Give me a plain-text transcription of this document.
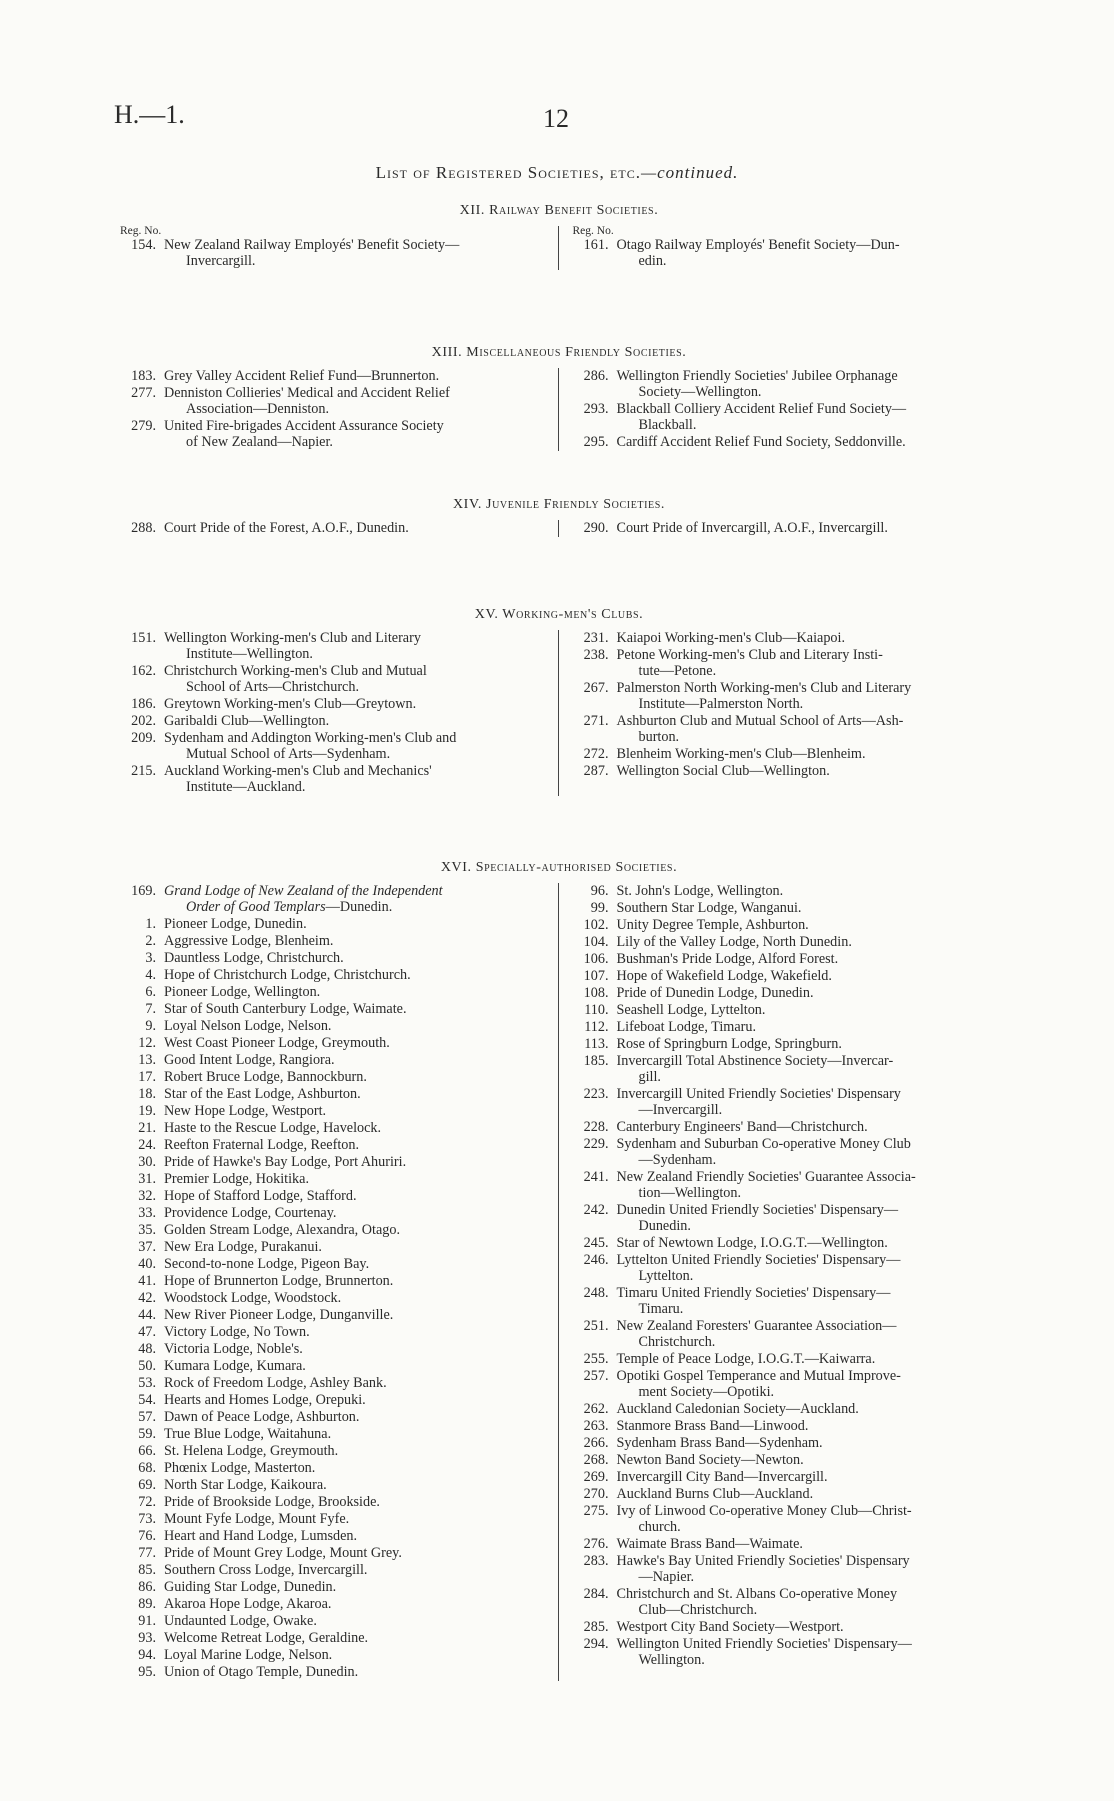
H.—1.	12
List of Registered Societies, etc.—continued.
XII. Railway Benefit Societies.
Reg. No.
154. New Zealand Railway Employés' Benefit Society—
Invercargill.
Reg. No.
161. Otago Railway Employés' Benefit Society—Dun-
edin.
XIII. Miscellaneous Friendly Societies.
183. Grey Valley Accident Relief Fund—Brunnerton.
277. Denniston Collieries' Medical and Accident Relief
Association—Denniston.
279. United Fire-brigades Accident Assurance Society
of New Zealand—Napier.
286. Wellington Friendly Societies' Jubilee Orphanage
Society—Wellington.
293. Blackball Colliery Accident Relief Fund Society—
Blackball.
295. Cardiff Accident Relief Fund Society, Seddonville.
XIV. Juvenile Friendly Societies.
288. Court Pride of the Forest, A.O.F., Dunedin.	290. Court Pride of Invercargill, A.O.F., Invercargill.
XV. Working-men's Clubs.
151. Wellington Working-men's Club and Literary
Institute—Wellington.
162. Christchurch Working-men's Club and Mutual
School of Arts—Christchurch.
186. Greytown Working-men's Club—Greytown.
202. Garibaldi Club—Wellington.
209. Sydenham and Addington Working-men's Club and
Mutual School of Arts—Sydenham.
215. Auckland Working-men's Club and Mechanics'
Institute—Auckland.
231. Kaiapoi Working-men's Club—Kaiapoi.
238. Petone Working-men's Club and Literary Insti-
tute—Petone.
267. Palmerston North Working-men's Club and Literary
Institute—Palmerston North.
271. Ashburton Club and Mutual School of Arts—Ash-
burton.
272. Blenheim Working-men's Club—Blenheim.
287. Wellington Social Club—Wellington.
XVI. Specially-authorised Societies.
169. Grand Lodge of New Zealand of the Independent
Order of Good Templars—Dunedin.
1. Pioneer Lodge, Dunedin.
2. Aggressive Lodge, Blenheim.
3. Dauntless Lodge, Christchurch.
4. Hope of Christchurch Lodge, Christchurch.
6. Pioneer Lodge, Wellington.
7. Star of South Canterbury Lodge, Waimate.
9. Loyal Nelson Lodge, Nelson.
12. West Coast Pioneer Lodge, Greymouth.
13. Good Intent Lodge, Rangiora.
17. Robert Bruce Lodge, Bannockburn.
18. Star of the East Lodge, Ashburton.
19. New Hope Lodge, Westport.
21. Haste to the Rescue Lodge, Havelock.
24. Reefton Fraternal Lodge, Reefton.
30. Pride of Hawke's Bay Lodge, Port Ahuriri.
31. Premier Lodge, Hokitika.
32. Hope of Stafford Lodge, Stafford.
33. Providence Lodge, Courtenay.
35. Golden Stream Lodge, Alexandra, Otago.
37. New Era Lodge, Purakanui.
40. Second-to-none Lodge, Pigeon Bay.
41. Hope of Brunnerton Lodge, Brunnerton.
42. Woodstock Lodge, Woodstock.
44. New River Pioneer Lodge, Dunganville.
47. Victory Lodge, No Town.
48. Victoria Lodge, Noble's.
50. Kumara Lodge, Kumara.
53. Rock of Freedom Lodge, Ashley Bank.
54. Hearts and Homes Lodge, Orepuki.
57. Dawn of Peace Lodge, Ashburton.
59. True Blue Lodge, Waitahuna.
66. St. Helena Lodge, Greymouth.
68. Phœnix Lodge, Masterton.
69. North Star Lodge, Kaikoura.
72. Pride of Brookside Lodge, Brookside.
73. Mount Fyfe Lodge, Mount Fyfe.
76. Heart and Hand Lodge, Lumsden.
77. Pride of Mount Grey Lodge, Mount Grey.
85. Southern Cross Lodge, Invercargill.
86. Guiding Star Lodge, Dunedin.
89. Akaroa Hope Lodge, Akaroa.
91. Undaunted Lodge, Owake.
93. Welcome Retreat Lodge, Geraldine.
94. Loyal Marine Lodge, Nelson.
95. Union of Otago Temple, Dunedin.
96. St. John's Lodge, Wellington.
99. Southern Star Lodge, Wanganui.
102. Unity Degree Temple, Ashburton.
104. Lily of the Valley Lodge, North Dunedin.
106. Bushman's Pride Lodge, Alford Forest.
107. Hope of Wakefield Lodge, Wakefield.
108. Pride of Dunedin Lodge, Dunedin.
110. Seashell Lodge, Lyttelton.
112. Lifeboat Lodge, Timaru.
113. Rose of Springburn Lodge, Springburn.
185. Invercargill Total Abstinence Society—Invercar-
gill.
223. Invercargill United Friendly Societies' Dispensary
—Invercargill.
228. Canterbury Engineers' Band—Christchurch.
229. Sydenham and Suburban Co-operative Money Club
—Sydenham.
241. New Zealand Friendly Societies' Guarantee Associa-
tion—Wellington.
242. Dunedin United Friendly Societies' Dispensary—
Dunedin.
245. Star of Newtown Lodge, I.O.G.T.—Wellington.
246. Lyttelton United Friendly Societies' Dispensary—
Lyttelton.
248. Timaru United Friendly Societies' Dispensary—
Timaru.
251. New Zealand Foresters' Guarantee Association—
Christchurch.
255. Temple of Peace Lodge, I.O.G.T.—Kaiwarra.
257. Opotiki Gospel Temperance and Mutual Improve-
ment Society—Opotiki.
262. Auckland Caledonian Society—Auckland.
263. Stanmore Brass Band—Linwood.
266. Sydenham Brass Band—Sydenham.
268. Newton Band Society—Newton.
269. Invercargill City Band—Invercargill.
270. Auckland Burns Club—Auckland.
275. Ivy of Linwood Co-operative Money Club—Christ-
church.
276. Waimate Brass Band—Waimate.
283. Hawke's Bay United Friendly Societies' Dispensary
—Napier.
284. Christchurch and St. Albans Co-operative Money
Club—Christchurch.
285. Westport City Band Society—Westport.
294. Wellington United Friendly Societies' Dispensary—
Wellington.
